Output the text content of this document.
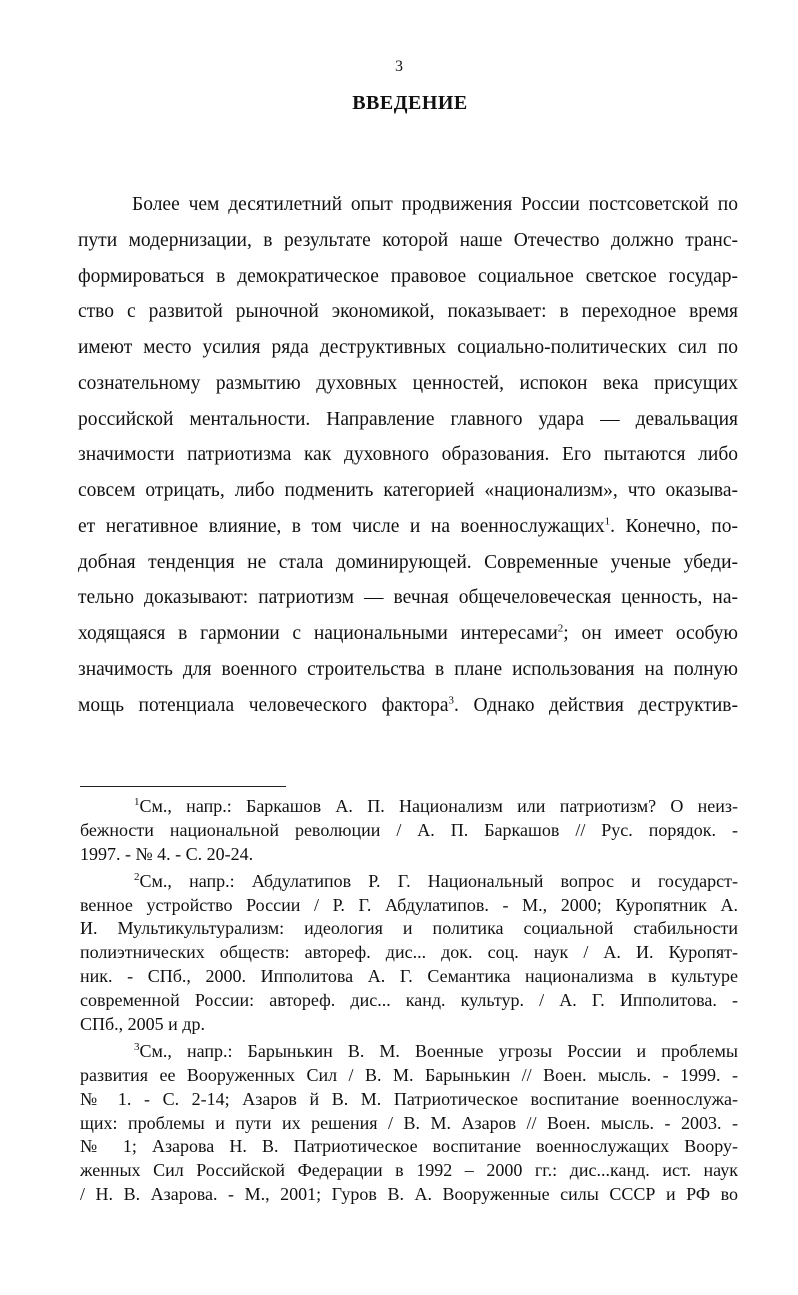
3
ВВЕДЕНИЕ
Более чем десятилетний опыт продвижения России постсоветской по
пути модернизации, в результате которой наше Отечество должно транс-
формироваться в демократическое правовое социальное светское государ-
ство с развитой рыночной экономикой, показывает: в переходное время
имеют место усилия ряда деструктивных социально-политических сил по
сознательному размытию духовных ценностей, испокон века присущих
российской ментальности. Направление главного удара — девальвация
значимости патриотизма как духовного образования. Его пытаются либо
совсем отрицать, либо подменить категорией «национализм», что оказыва-
ет негативное влияние, в том числе и на военнослужащих$^1$. Конечно, по-
добная тенденция не стала доминирующей. Современные ученые убеди-
тельно доказывают: патриотизм — вечная общечеловеческая ценность, на-
ходящаяся в гармонии с национальными интересами$^2$; он имеет особую
значимость для военного строительства в плане использования на полную
мощь потенциала человеческого фактора$^3$. Однако действия деструктив-
$^1$См., напр.: Баркашов А. П. Национализм или патриотизм? О неиз-
бежности национальной революции / А. П. Баркашов // Рус. порядок. -
1997. - № 4. - С. 20-24.
$^2$См., напр.: Абдулатипов Р. Г. Национальный вопрос и государст-
венное устройство России / Р. Г. Абдулатипов. - М., 2000; Куропятник А.
И. Мультикультурализм: идеология и политика социальной стабильности
полиэтнических обществ: автореф. дис... док. соц. наук / А. И. Куропят-
ник. - СПб., 2000. Ипполитова А. Г. Семантика национализма в культуре
современной России: автореф. дис... канд. культур. / А. Г. Ипполитова. -
СПб., 2005 и др.
$^3$См., напр.: Барынькин В. М. Военные угрозы России и проблемы
развития ее Вооруженных Сил / В. М. Барынькин // Воен. мысль. - 1999. -
№ 1. - С. 2-14; Азаров й В. М. Патриотическое воспитание военнослужа-
щих: проблемы и пути их решения / В. М. Азаров // Воен. мысль. - 2003. -
№ 1; Азарова Н. В. Патриотическое воспитание военнослужащих Воору-
женных Сил Российской Федерации в 1992 – 2000 гг.: дис...канд. ист. наук
/ Н. В. Азарова. - М., 2001; Гуров В. А. Вооруженные силы СССР и РФ во
